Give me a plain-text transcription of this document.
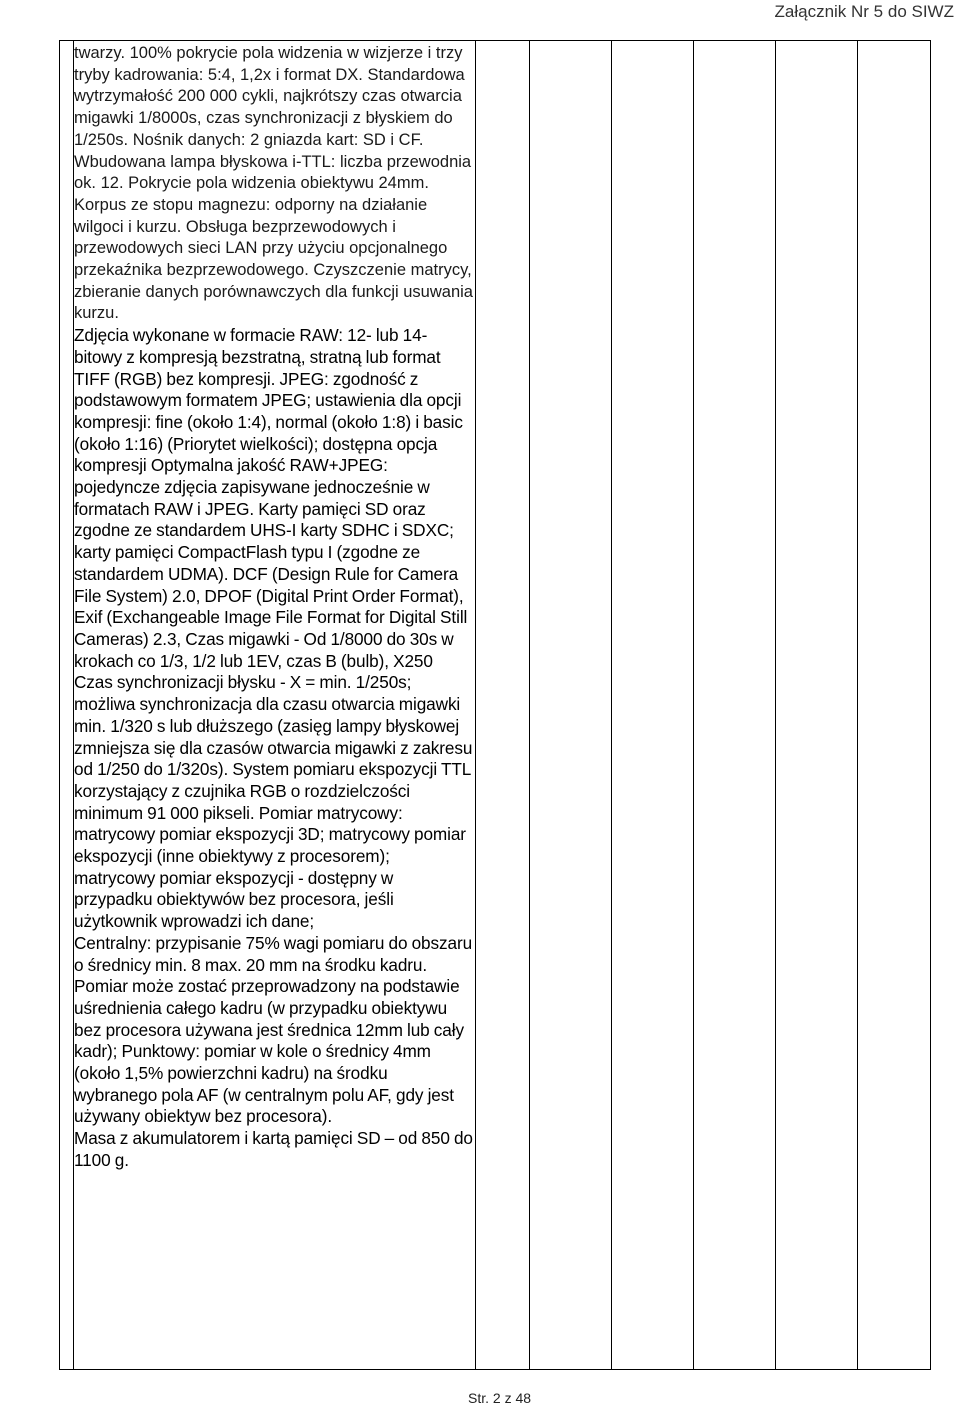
Załącznik Nr 5 do SIWZ
twarzy. 100% pokrycie pola widzenia w wizjerze i trzy tryby kadrowania: 5:4, 1,2x i format DX. Standardowa wytrzymałość 200 000 cykli, najkrótszy czas otwarcia migawki 1/8000s, czas synchronizacji z błyskiem do 1/250s. Nośnik danych: 2 gniazda kart: SD i CF. Wbudowana lampa błyskowa i-TTL: liczba przewodnia ok. 12. Pokrycie pola widzenia obiektywu 24mm.
Korpus ze stopu magnezu: odporny na działanie wilgoci i kurzu. Obsługa bezprzewodowych i przewodowych sieci LAN przy użyciu opcjonalnego przekaźnika bezprzewodowego. Czyszczenie matrycy, zbieranie danych porównawczych dla funkcji usuwania kurzu.
Zdjęcia wykonane w formacie RAW: 12- lub 14-bitowy z kompresją bezstratną, stratną lub format TIFF (RGB) bez kompresji. JPEG: zgodność z podstawowym formatem JPEG; ustawienia dla opcji kompresji: fine (około 1:4), normal (około 1:8) i basic (około 1:16) (Priorytet wielkości); dostępna opcja kompresji Optymalna jakość RAW+JPEG: pojedyncze zdjęcia zapisywane jednocześnie w formatach RAW i JPEG. Karty pamięci SD oraz zgodne ze standardem UHS-I karty SDHC i SDXC; karty pamięci CompactFlash typu I (zgodne ze standardem UDMA). DCF (Design Rule for Camera File System) 2.0, DPOF (Digital Print Order Format), Exif (Exchangeable Image File Format for Digital Still Cameras) 2.3, Czas migawki - Od 1/8000 do 30s w krokach co 1/3, 1/2 lub 1EV, czas B (bulb), X250
Czas synchronizacji błysku - X = min. 1/250s; możliwa synchronizacja dla czasu otwarcia migawki min. 1/320 s lub dłuższego (zasięg lampy błyskowej zmniejsza się dla czasów otwarcia migawki z zakresu od 1/250 do 1/320s). System pomiaru ekspozycji TTL korzystający z czujnika RGB o rozdzielczości minimum 91 000 pikseli. Pomiar matrycowy: matrycowy pomiar ekspozycji 3D; matrycowy pomiar ekspozycji (inne obiektywy z procesorem); matrycowy pomiar ekspozycji - dostępny w przypadku obiektywów bez procesora, jeśli użytkownik wprowadzi ich dane;
Centralny: przypisanie 75% wagi pomiaru do obszaru o średnicy min. 8 max. 20 mm na środku kadru. Pomiar może zostać przeprowadzony na podstawie uśrednienia całego kadru (w przypadku obiektywu bez procesora używana jest średnica 12mm lub cały kadr); Punktowy: pomiar w kole o średnicy 4mm (około 1,5% powierzchni kadru) na środku wybranego pola AF (w centralnym polu AF, gdy jest używany obiektyw bez procesora).
Masa z akumulatorem i kartą pamięci SD – od 850 do 1100 g.
Str. 2 z 48
